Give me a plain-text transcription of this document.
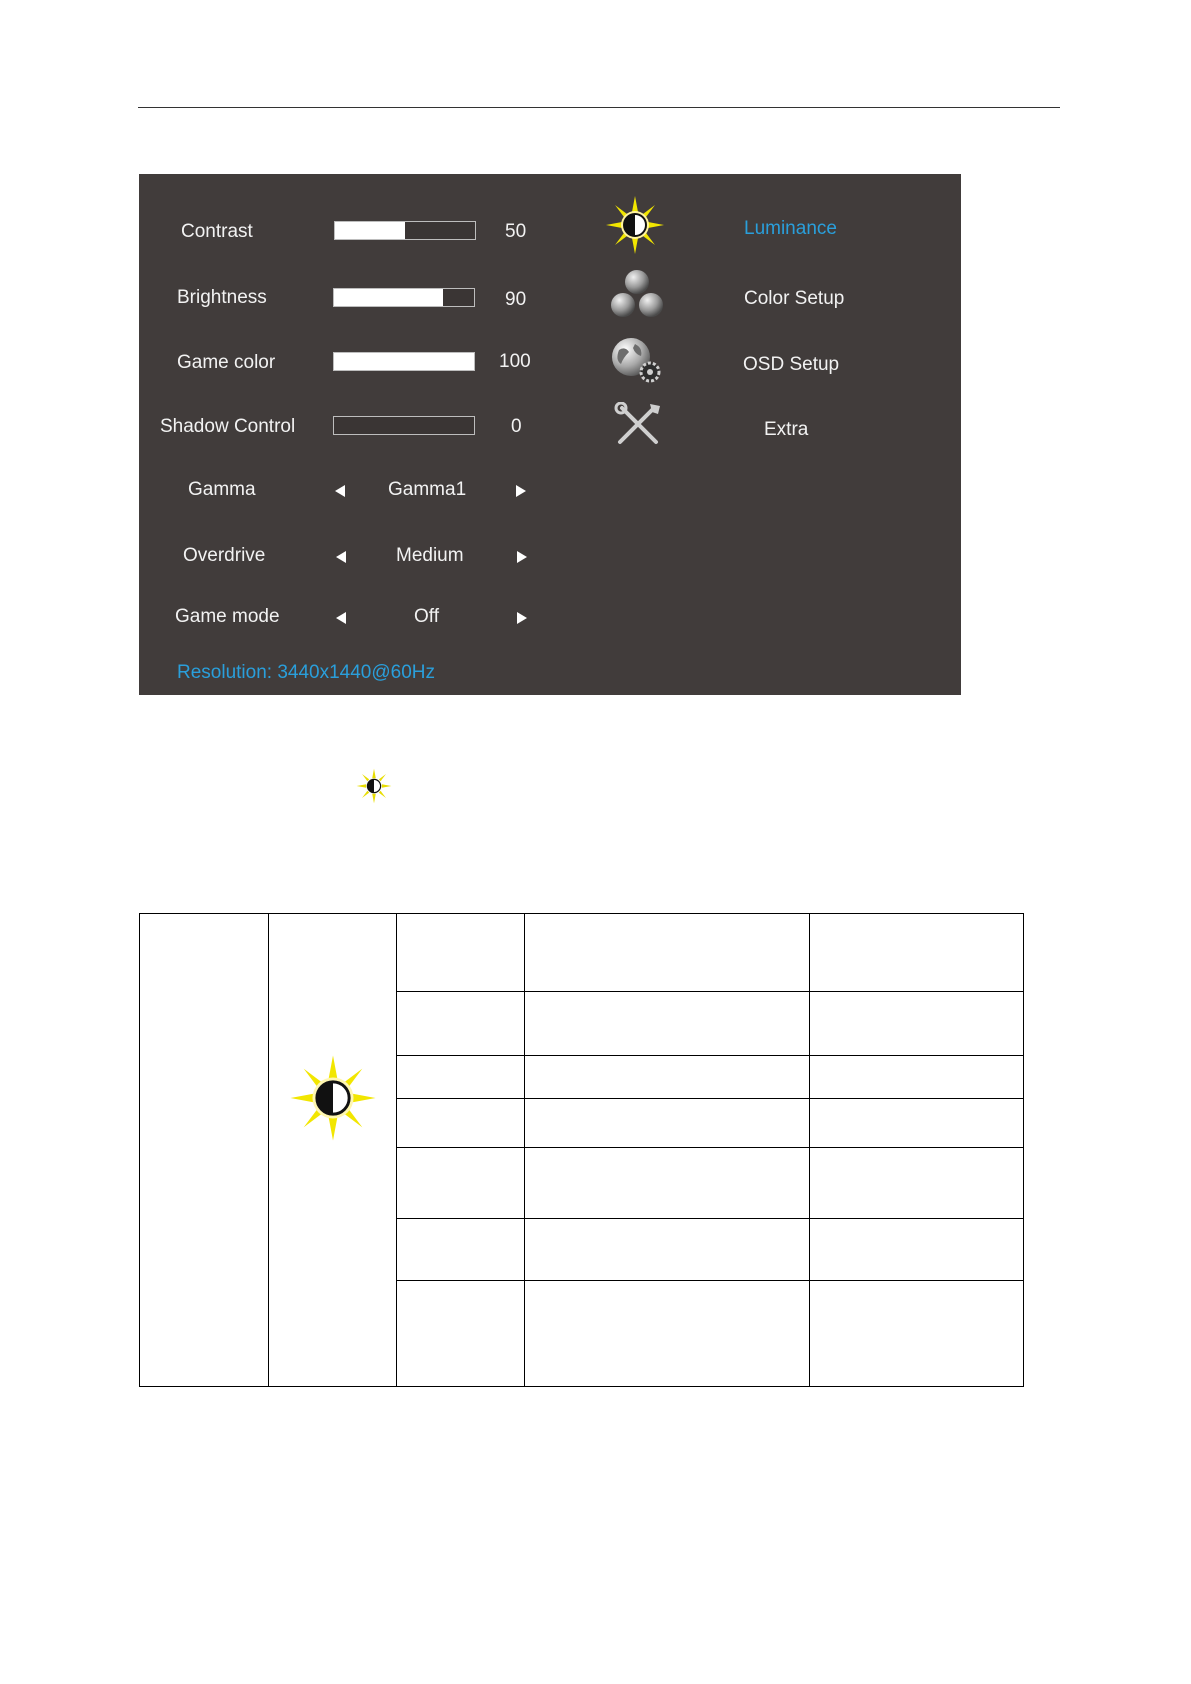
Contrast	50
Brightness	90
Game color	100
Shadow Control	0
Gamma	Gamma1
Overdrive	Medium
Game mode	Off
Resolution: 3440x1440@60Hz
Luminance
Color Setup
OSD Setup
Extra
